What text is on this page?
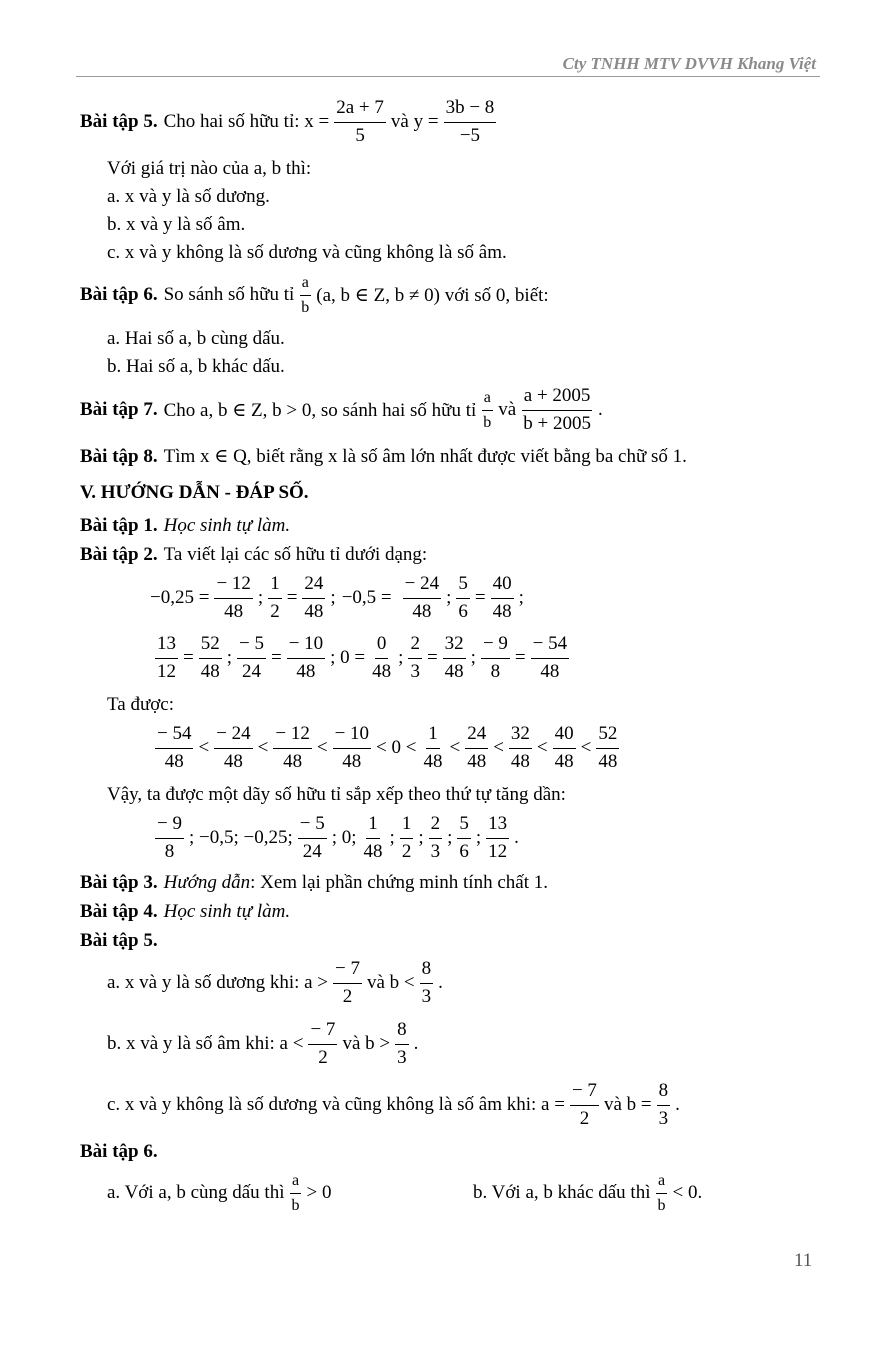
Cty TNHH MTV DVVH Khang Việt
Bài tập 5. Cho hai số hữu tỉ: $x = \frac{2a + 7}{5}$ và $y = \frac{3b - 8}{-5}$
Với giá trị nào của a, b thì:
a. x và y là số dương.
b. x và y là số âm.
c. x và y không là số dương và cũng không là số âm.
Bài tập 6. So sánh số hữu tỉ $\frac{a}{b} (a$, b ∈ Z, b ≠ 0) với số 0, biết:
a. Hai số a, b cùng dấu.
b. Hai số a, b khác dấu.
Bài tập 7. Cho a, b ∈ Z, b > 0, so sánh hai số hữu tỉ $\frac{a}{b}$ và $\frac{a + 2005}{b + 2005}$ .
Bài tập 8. Tìm x ∈ Q, biết rằng x là số âm lớn nhất được viết bằng ba chữ số 1.
V. HƯỚNG DẪN - ĐÁP SỐ.
Bài tập 1. Học sinh tự làm.
Bài tập 2. Ta viết lại các số hữu tỉ dưới dạng:
$-0,25 = \frac{- 12}{48}$ ; $\frac{1}{2} = \frac{24}{48}$ ; $-0,5 = \frac{- 24}{48}$ ; $\frac{5}{6} = \frac{40}{48}$ ;
$\frac{13}{12} = \frac{52}{48}$ ; $\frac{- 5}{24} = \frac{- 10}{48}$ ; $0 = \frac{0}{48}$ ; $\frac{2}{3} = \frac{32}{48}$ ; $\frac{- 9}{8} = \frac{- 54}{48}$
Ta được:
$\frac{- 54}{48} < \frac{- 24}{48} < \frac{- 12}{48} < \frac{- 10}{48} < 0 < \frac{1}{48} < \frac{24}{48} < \frac{32}{48} < \frac{40}{48} < \frac{52}{48}$
Vậy, ta được một dãy số hữu tỉ sắp xếp theo thứ tự tăng dần:
$\frac{- 9}{8}$ ; −0,5; −0,25; $\frac{- 5}{24}$ ; 0; $\frac{1}{48}$ ; $\frac{1}{2}$ ; $\frac{2}{3}$ ; $\frac{5}{6}$ ; $\frac{13}{12}$ .
Bài tập 3. Hướng dẫn : Xem lại phần chứng minh tính chất 1.
Bài tập 4. Học sinh tự làm.
Bài tập 5.
a. x và y là số dương khi: $a > \frac{- 7}{2}$ và $b < \frac{8}{3}$ .
b. x và y là số âm khi: $a < \frac{- 7}{2}$ và $b > \frac{8}{3}$ .
c. x và y không là số dương và cũng không là số âm khi: $a = \frac{- 7}{2}$ và $b = \frac{8}{3}$ .
Bài tập 6.
a. Với a, b cùng dấu thì $\frac{a}{b} > 0$	b. Với a, b khác dấu thì $\frac{a}{b} < 0$.
11
